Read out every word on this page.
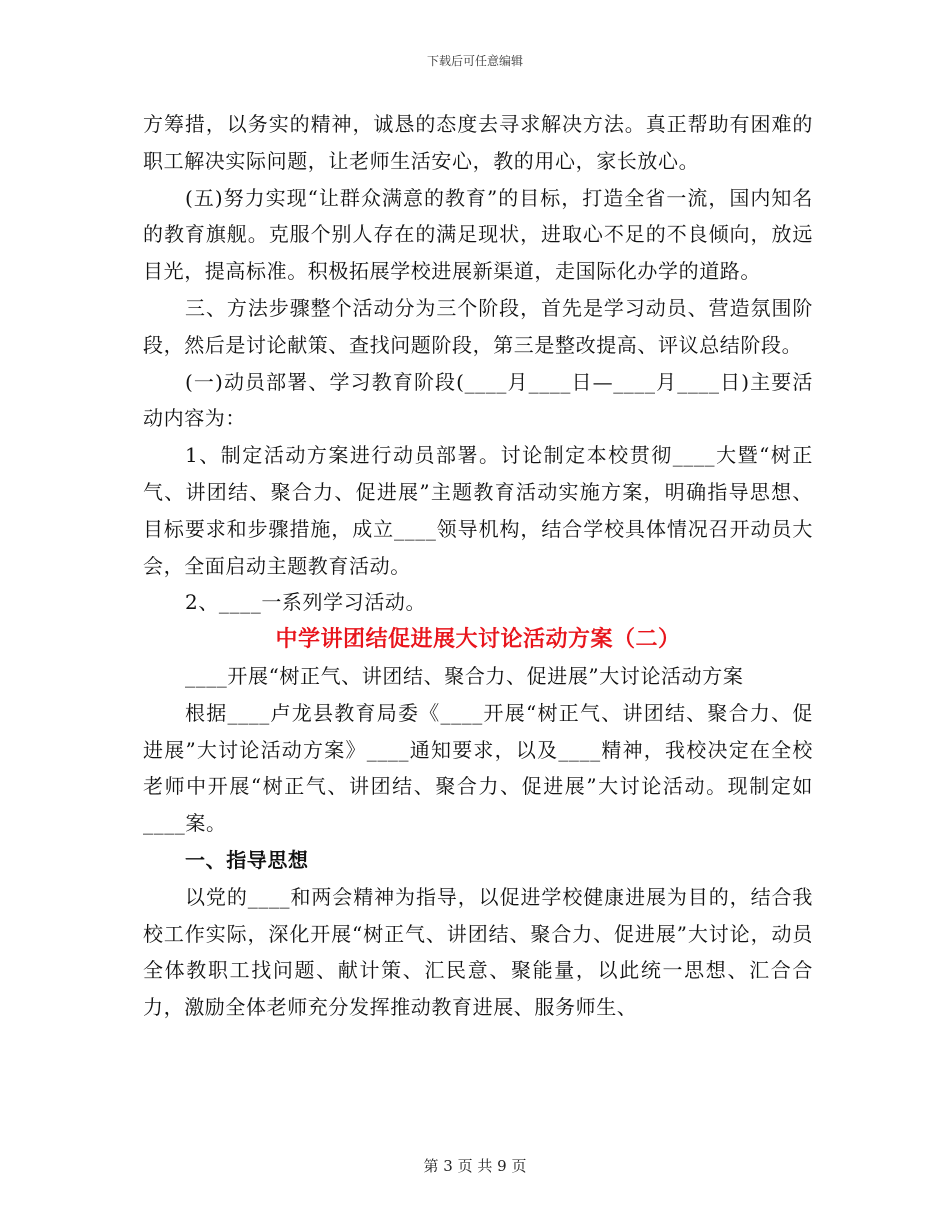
下载后可任意编辑

方筹措，以务实的精神，诚恳的态度去寻求解决方法。真正帮助有困难的职工解决实际问题，让老师生活安心，教的用心，家长放心。

(五)努力实现“让群众满意的教育”的目标，打造全省一流，国内知名的教育旗舰。克服个别人存在的满足现状，进取心不足的不良倾向，放远目光，提高标准。积极拓展学校进展新渠道，走国际化办学的道路。

三、方法步骤整个活动分为三个阶段，首先是学习动员、营造氛围阶段，然后是讨论献策、查找问题阶段，第三是整改提高、评议总结阶段。

(一)动员部署、学习教育阶段(____月____日—____月____日)主要活动内容为：

1、制定活动方案进行动员部署。讨论制定本校贯彻____大暨“树正气、讲团结、聚合力、促进展”主题教育活动实施方案，明确指导思想、目标要求和步骤措施，成立____领导机构，结合学校具体情况召开动员大会，全面启动主题教育活动。

2、____一系列学习活动。

中学讲团结促进展大讨论活动方案（二）

____开展“树正气、讲团结、聚合力、促进展”大讨论活动方案

根据____卢龙县教育局委《____开展“树正气、讲团结、聚合力、促进展”大讨论活动方案》____通知要求，以及____精神，我校决定在全校老师中开展“树正气、讲团结、聚合力、促进展”大讨论活动。现制定如____案。

一、指导思想

以党的____和两会精神为指导，以促进学校健康进展为目的，结合我校工作实际，深化开展“树正气、讲团结、聚合力、促进展”大讨论，动员全体教职工找问题、献计策、汇民意、聚能量，以此统一思想、汇合合力，激励全体老师充分发挥推动教育进展、服务师生、

第 3 页 共 9 页
